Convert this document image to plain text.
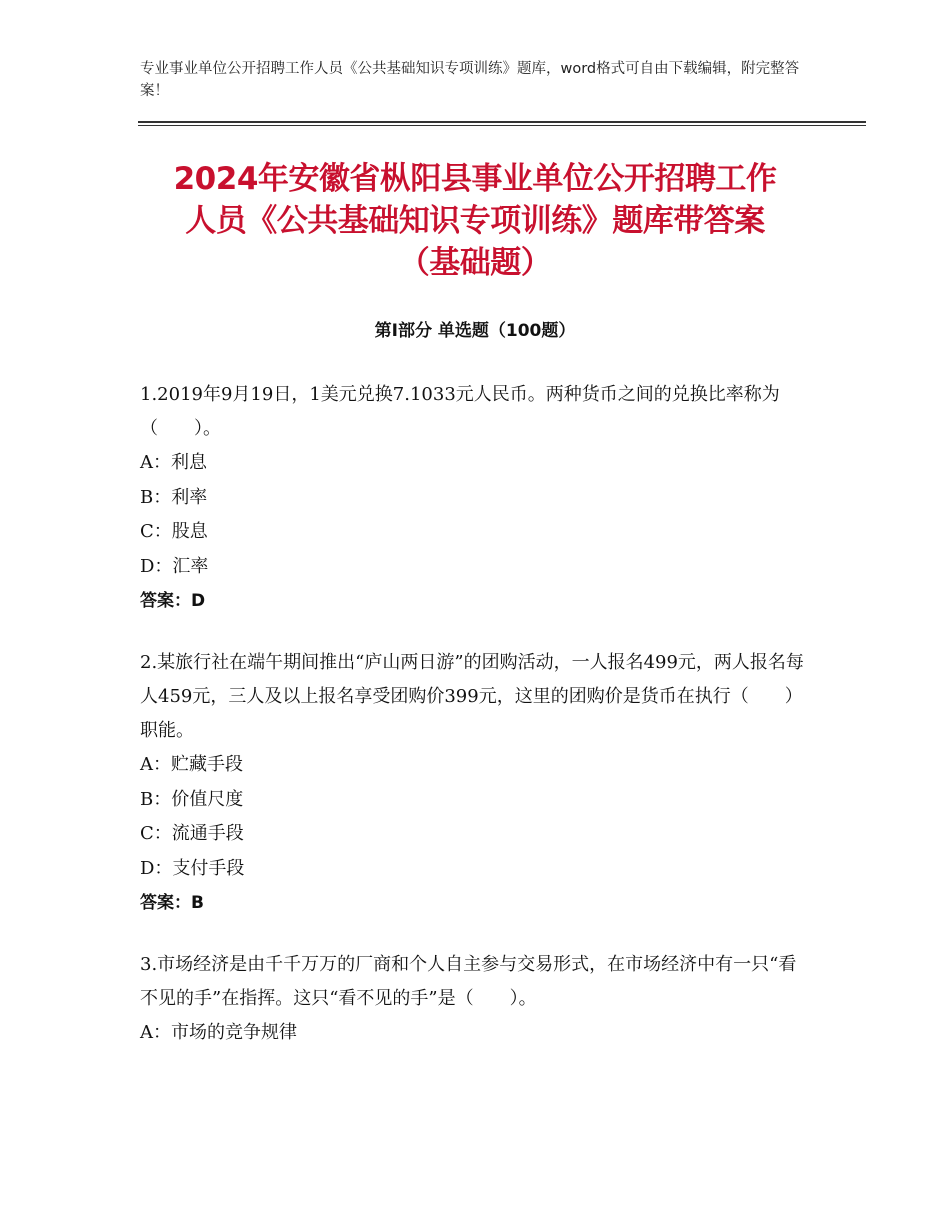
专业事业单位公开招聘工作人员《公共基础知识专项训练》题库，word格式可自由下载编辑，附完整答案！
2024年安徽省枞阳县事业单位公开招聘工作
人员《公共基础知识专项训练》题库带答案
（基础题）
第Ⅰ部分 单选题（100题）
1.2019年9月19日，1美元兑换7.1033元人民币。两种货币之间的兑换比率称为（　　）。
A：利息
B：利率
C：股息
D：汇率
答案：D
2.某旅行社在端午期间推出“庐山两日游”的团购活动，一人报名499元，两人报名每人459元，三人及以上报名享受团购价399元，这里的团购价是货币在执行（　　）职能。
A：贮藏手段
B：价值尺度
C：流通手段
D：支付手段
答案：B
3.市场经济是由千千万万的厂商和个人自主参与交易形式，在市场经济中有一只“看不见的手”在指挥。这只“看不见的手”是（　　）。
A：市场的竞争规律
